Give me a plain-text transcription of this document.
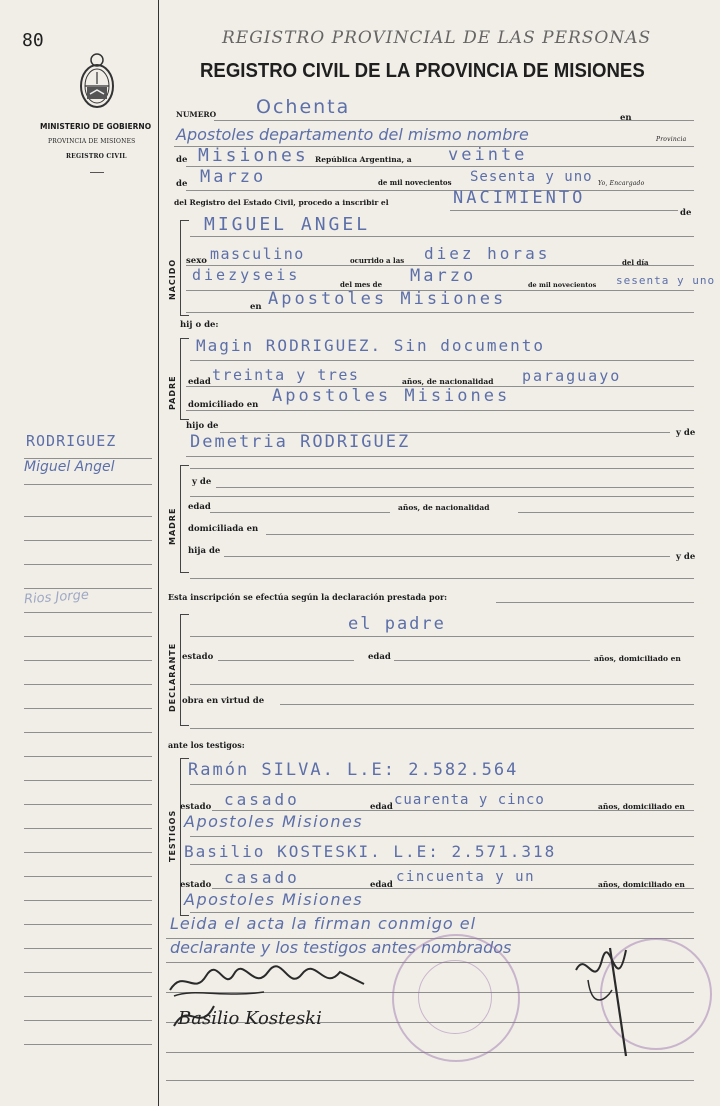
80
MINISTERIO DE GOBIERNO
PROVINCIA DE MISIONES
REGISTRO CIVIL
REGISTRO PROVINCIAL DE LAS PERSONAS
REGISTRO CIVIL DE LA PROVINCIA DE MISIONES
NUMERO Ochenta	en
Apostoles departamento del mismo nombre	Provincia
de Misiones República Argentina, a veinte
de Marzo	de mil novecientos Sesenta y uno Yo, Encargado
del Registro del Estado Civil, procedo a inscribir el	NACIMIENTO
de
NACIDO
MIGUEL ANGEL
sexo masculino	ocurrido a las diez horas	del día
diezyseis
del mes de Marzo	de mil novecientos sesenta y uno
en Apostoles Misiones
hij o de:
PADRE
Magin RODRIGUEZ. Sin documento
edad treinta y tres	años, de nacionalidad paraguayo
domiciliado en Apostoles Misiones
hijo de
y de
Demetria RODRIGUEZ
RODRIGUEZ
Miguel Angel
Rios Jorge
MADRE
y de
edad	años, de nacionalidad
domiciliada en
hija de
y de
Esta inscripción se efectúa según la declaración prestada por:
DECLARANTE
el padre
estado	edad	años, domiciliado en
obra en virtud de
ante los testigos:
TESTIGOS
Ramón SILVA. L.E: 2.582.564
estado casado	edad cuarenta y cinco	años, domiciliado en
Apostoles Misiones
Basilio KOSTESKI. L.E: 2.571.318
estado casado	edad cincuenta y un	años, domiciliado en
Apostoles Misiones
Leida el acta la firman conmigo el
declarante y los testigos antes nombrados
Basilio Kosteski
